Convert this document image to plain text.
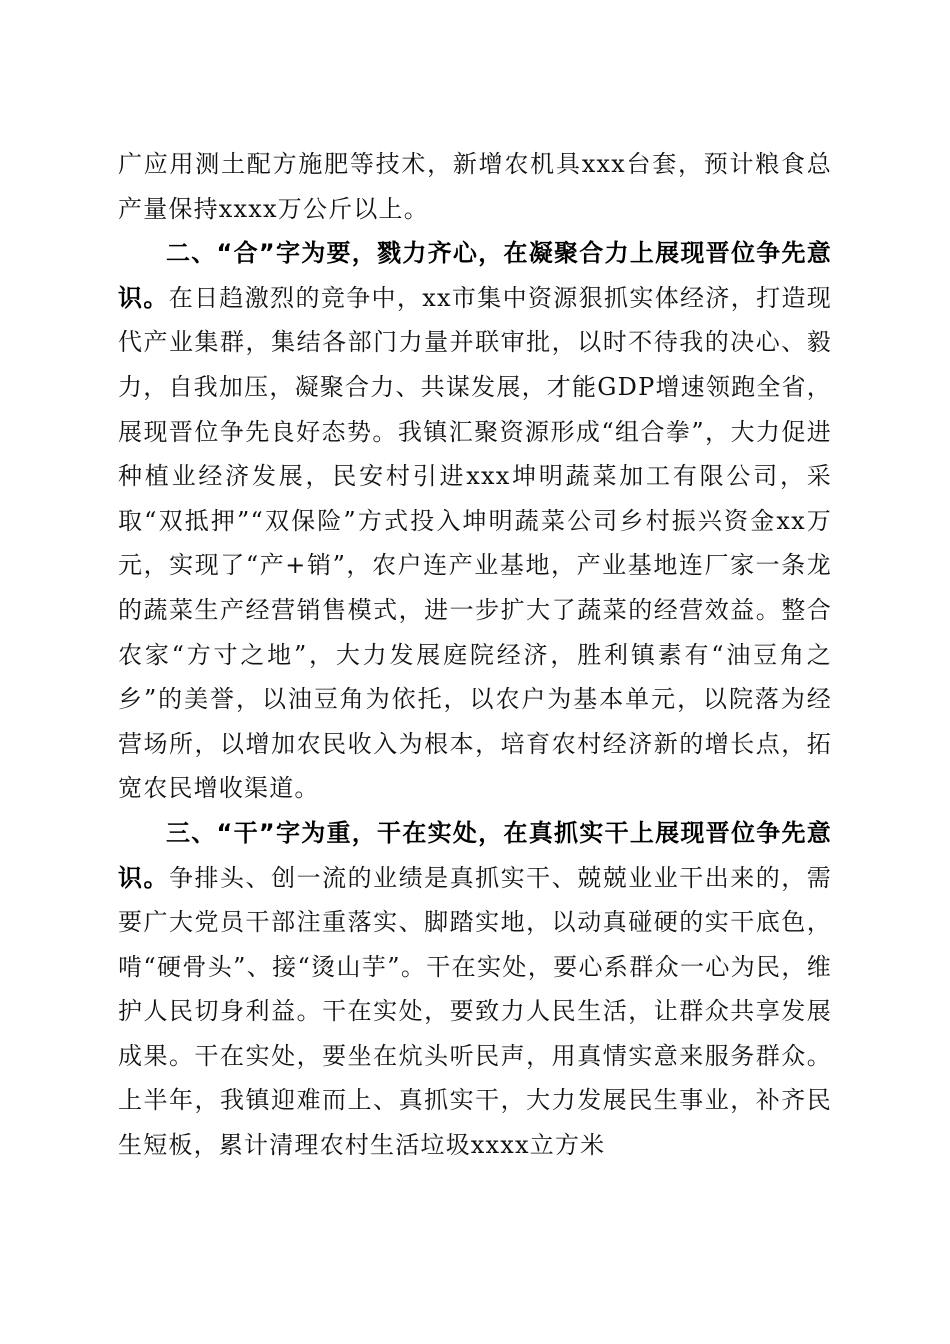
广应用测土配方施肥等技术，新增农机具xxx台套，预计粮食总产量保持xxxx万公斤以上。

二、“合”字为要，戮力齐心，在凝聚合力上展现晋位争先意识。在日趋激烈的竞争中，xx市集中资源狠抓实体经济，打造现代产业集群，集结各部门力量并联审批，以时不待我的决心、毅力，自我加压，凝聚合力、共谋发展，才能GDP增速领跑全省，展现晋位争先良好态势。我镇汇聚资源形成“组合拳”，大力促进种植业经济发展，民安村引进xxx坤明蔬菜加工有限公司，采取“双抵押”“双保险”方式投入坤明蔬菜公司乡村振兴资金xx万元，实现了“产+销”，农户连产业基地，产业基地连厂家一条龙的蔬菜生产经营销售模式，进一步扩大了蔬菜的经营效益。整合农家“方寸之地”，大力发展庭院经济，胜利镇素有“油豆角之乡”的美誉，以油豆角为依托，以农户为基本单元，以院落为经营场所，以增加农民收入为根本，培育农村经济新的增长点，拓宽农民增收渠道。

三、“干”字为重，干在实处，在真抓实干上展现晋位争先意识。争排头、创一流的业绩是真抓实干、兢兢业业干出来的，需要广大党员干部注重落实、脚踏实地，以动真碰硬的实干底色，啃“硬骨头”、接“烫山芋”。干在实处，要心系群众一心为民，维护人民切身利益。干在实处，要致力人民生活，让群众共享发展成果。干在实处，要坐在炕头听民声，用真情实意来服务群众。上半年，我镇迎难而上、真抓实干，大力发展民生事业，补齐民生短板，累计清理农村生活垃圾xxxx立方米
